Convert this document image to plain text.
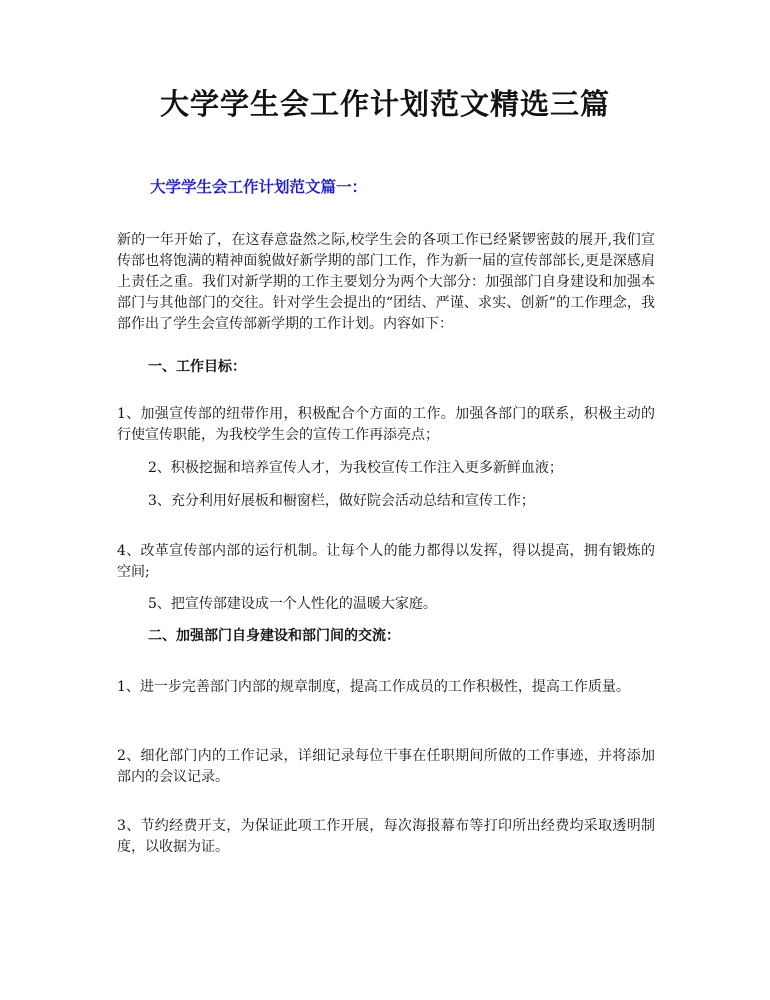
大学学生会工作计划范文精选三篇
大学学生会工作计划范文篇一：

新的一年开始了，在这春意盎然之际,校学生会的各项工作已经紧锣密鼓的展开,我们宣传部也将饱满的精神面貌做好新学期的部门工作，作为新一届的宣传部部长,更是深感肩上责任之重。我们对新学期的工作主要划分为两个大部分：加强部门自身建设和加强本部门与其他部门的交往。针对学生会提出的“团结、严谨、求实、创新”的工作理念，我部作出了学生会宣传部新学期的工作计划。内容如下：

一、工作目标：

1、加强宣传部的纽带作用，积极配合个方面的工作。加强各部门的联系，积极主动的行使宣传职能，为我校学生会的宣传工作再添亮点；

2、积极挖掘和培养宣传人才，为我校宣传工作注入更多新鲜血液；

3、充分利用好展板和橱窗栏，做好院会活动总结和宣传工作；

4、改革宣传部内部的运行机制。让每个人的能力都得以发挥，得以提高，拥有锻炼的空间;

5、把宣传部建设成一个人性化的温暖大家庭。

二、加强部门自身建设和部门间的交流：

1、进一步完善部门内部的规章制度，提高工作成员的工作积极性，提高工作质量。

2、细化部门内的工作记录，详细记录每位干事在任职期间所做的工作事迹，并将添加部内的会议记录。

3、节约经费开支，为保证此项工作开展，每次海报幕布等打印所出经费均采取透明制度，以收据为证。
